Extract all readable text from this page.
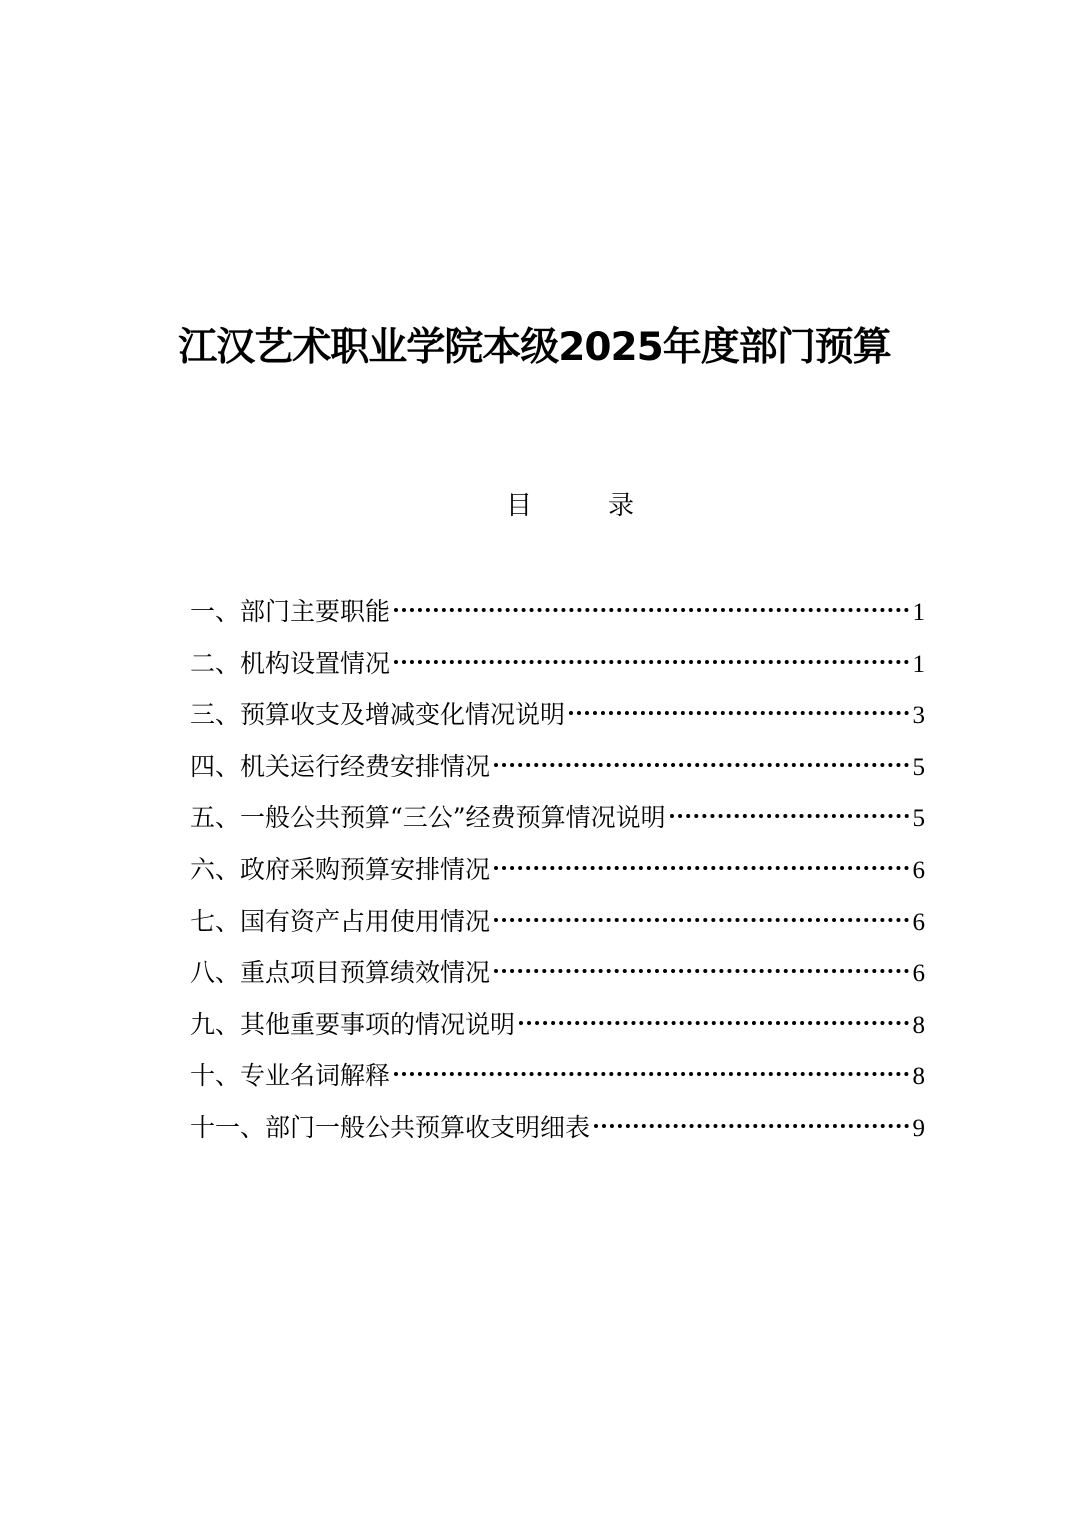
江汉艺术职业学院本级2025年度部门预算
目	录
一、部门主要职能	1
二、机构设置情况	1
三、预算收支及增减变化情况说明	3
四、机关运行经费安排情况	5
五、一般公共预算“三公”经费预算情况说明	5
六、政府采购预算安排情况	6
七、国有资产占用使用情况	6
八、重点项目预算绩效情况	6
九、其他重要事项的情况说明	8
十、专业名词解释	8
十一、部门一般公共预算收支明细表	9
